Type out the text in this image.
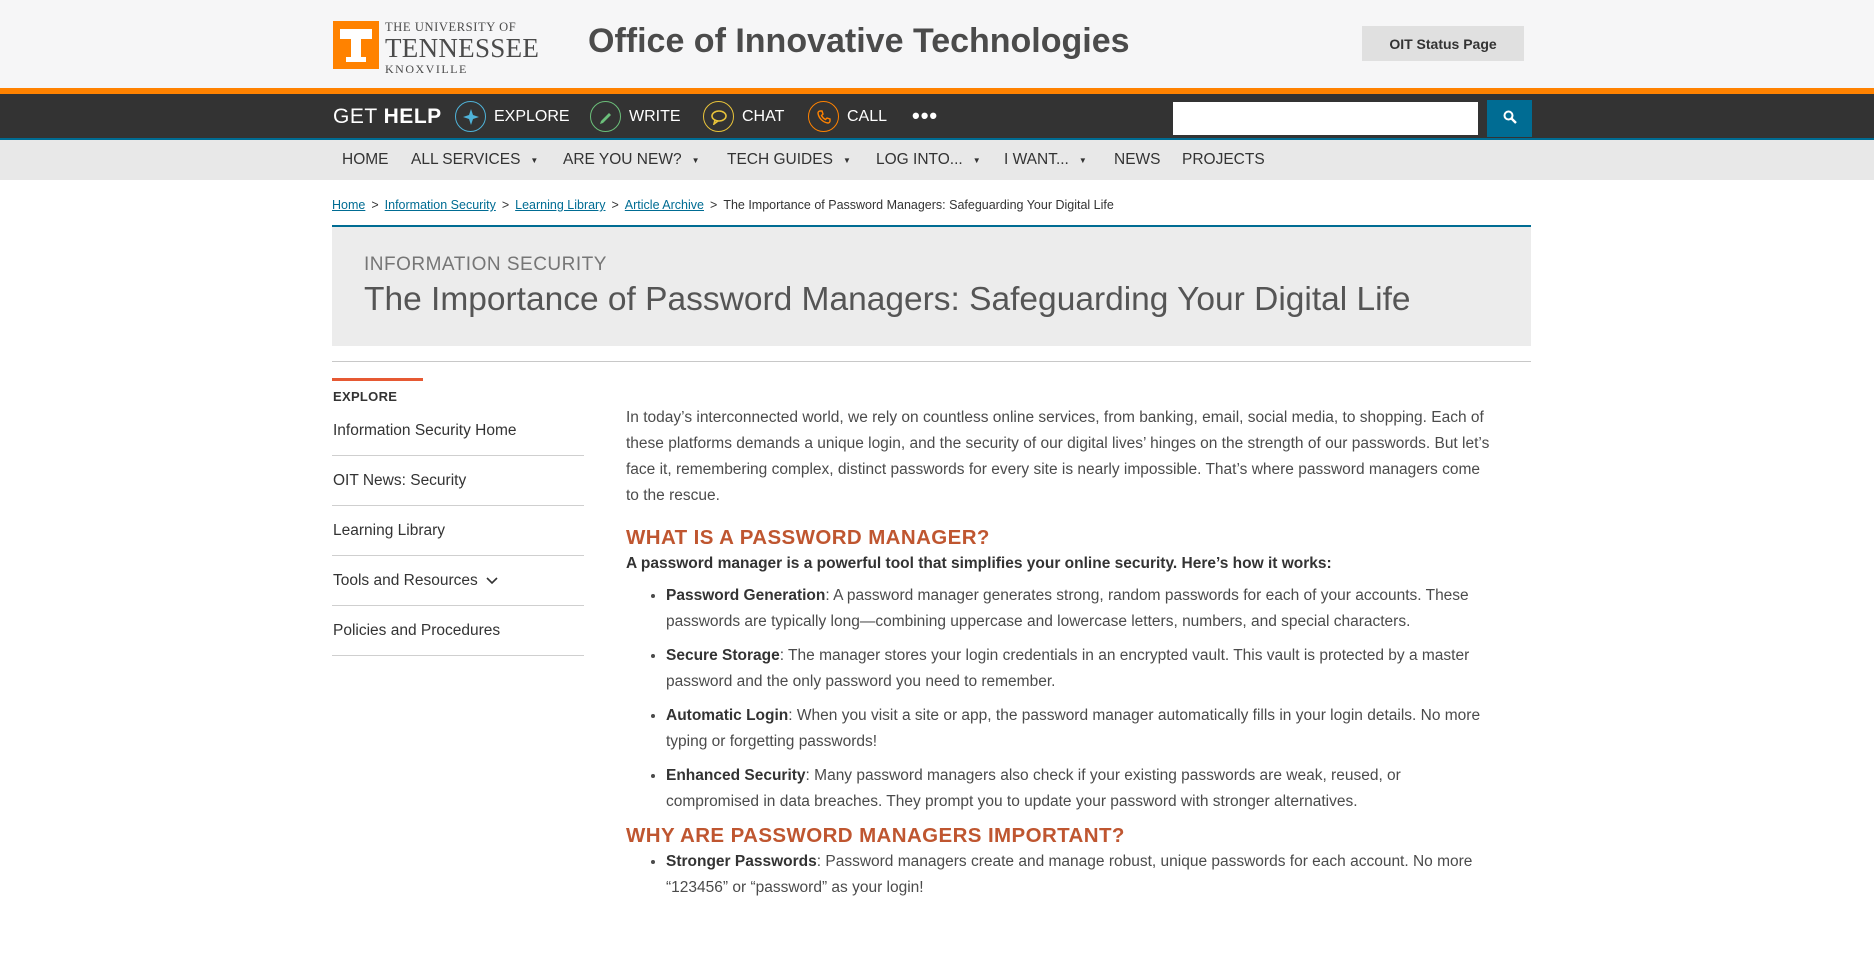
THE UNIVERSITY OF
TENNESSEE
KNOXVILLE
Office of Innovative Technologies	OIT Status Page
GET HELP	EXPLORE	WRITE	CHAT	CALL •••
HOME ALL SERVICES ▼ ARE YOU NEW? ▼ TECH GUIDES ▼ LOG INTO... ▼ I WANT... ▼ NEWS PROJECTS
Home > Information Security > Learning Library > Article Archive > The Importance of Password Managers: Safeguarding Your Digital Life
INFORMATION SECURITY
The Importance of Password Managers: Safeguarding Your Digital Life
EXPLORE
Information Security Home
OIT News: Security
Learning Library
Tools and Resources
Policies and Procedures

In today’s interconnected world, we rely on countless online services, from banking, email, social media, to shopping. Each of these platforms demands a unique login, and the security of our digital lives’ hinges on the strength of our passwords. But let’s face it, remembering complex, distinct passwords for every site is nearly impossible. That’s where password managers come to the rescue.

WHAT IS A PASSWORD MANAGER?

A password manager is a powerful tool that simplifies your online security. Here’s how it works:

• Password Generation: A password manager generates strong, random passwords for each of your accounts. These passwords are typically long—combining uppercase and lowercase letters, numbers, and special characters.
• Secure Storage: The manager stores your login credentials in an encrypted vault. This vault is protected by a master password and the only password you need to remember.
• Automatic Login: When you visit a site or app, the password manager automatically fills in your login details. No more typing or forgetting passwords!
• Enhanced Security: Many password managers also check if your existing passwords are weak, reused, or compromised in data breaches. They prompt you to update your password with stronger alternatives.
WHY ARE PASSWORD MANAGERS IMPORTANT?
• Stronger Passwords: Password managers create and manage robust, unique passwords for each account. No more “123456” or “password” as your login!
